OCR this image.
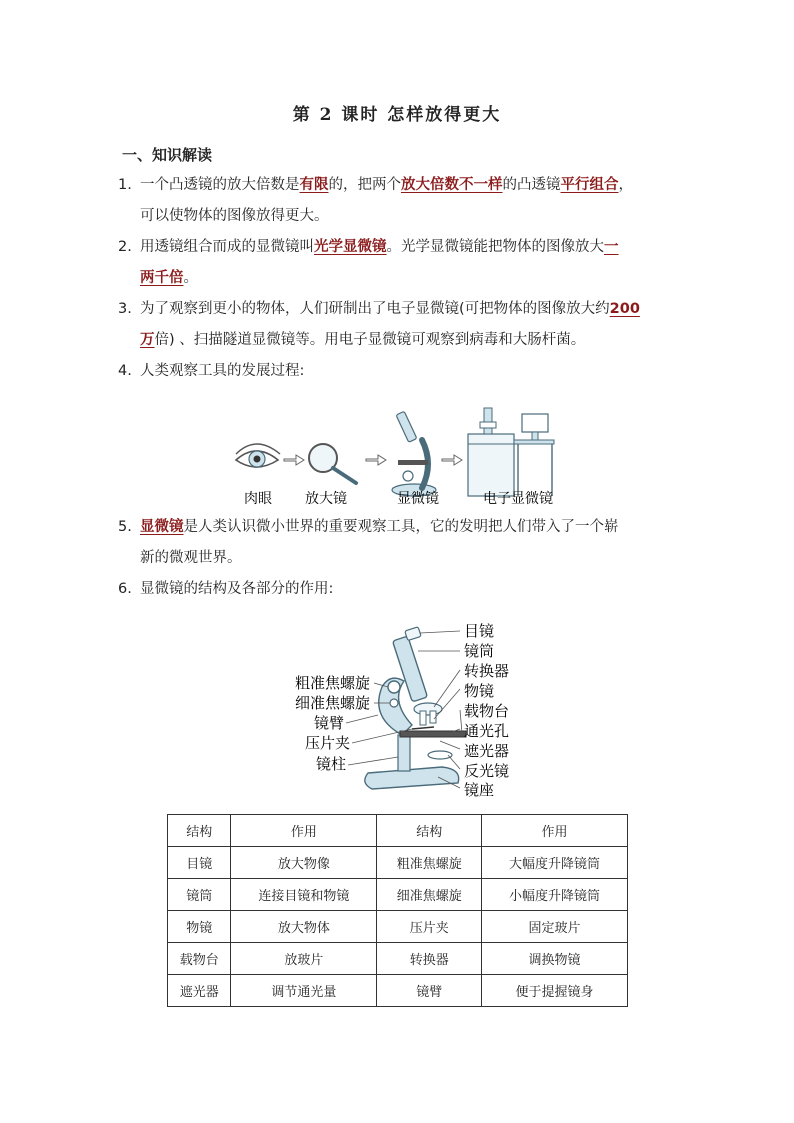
第 2 课时 怎样放得更大
一、知识解读
1. 一个凸透镜的放大倍数是有限的，把两个放大倍数不一样的凸透镜平行组合，
可以使物体的图像放得更大。
2. 用透镜组合而成的显微镜叫光学显微镜。光学显微镜能把物体的图像放大一
两千倍。
3. 为了观察到更小的物体，人们研制出了电子显微镜(可把物体的图像放大约200
万倍) 、扫描隧道显微镜等。用电子显微镜可观察到病毒和大肠杆菌。
4. 人类观察工具的发展过程:
肉眼 放大镜	显微镜	电子显微镜
5. 显微镜是人类认识微小世界的重要观察工具，它的发明把人们带入了一个崭
新的微观世界。
6. 显微镜的结构及各部分的作用:
目镜
镜筒
转换器
物镜
载物台
通光孔
遮光器
反光镜
镜座
粗准焦螺旋
细准焦螺旋
镜臂
压片夹
镜柱
结构	作用	结构	作用
目镜	放大物像	粗准焦螺旋	大幅度升降镜筒
镜筒	连接目镜和物镜	细准焦螺旋	小幅度升降镜筒
物镜	放大物体	压片夹	固定玻片
载物台	放玻片	转换器	调换物镜
遮光器	调节通光量	镜臂	便于提握镜身
